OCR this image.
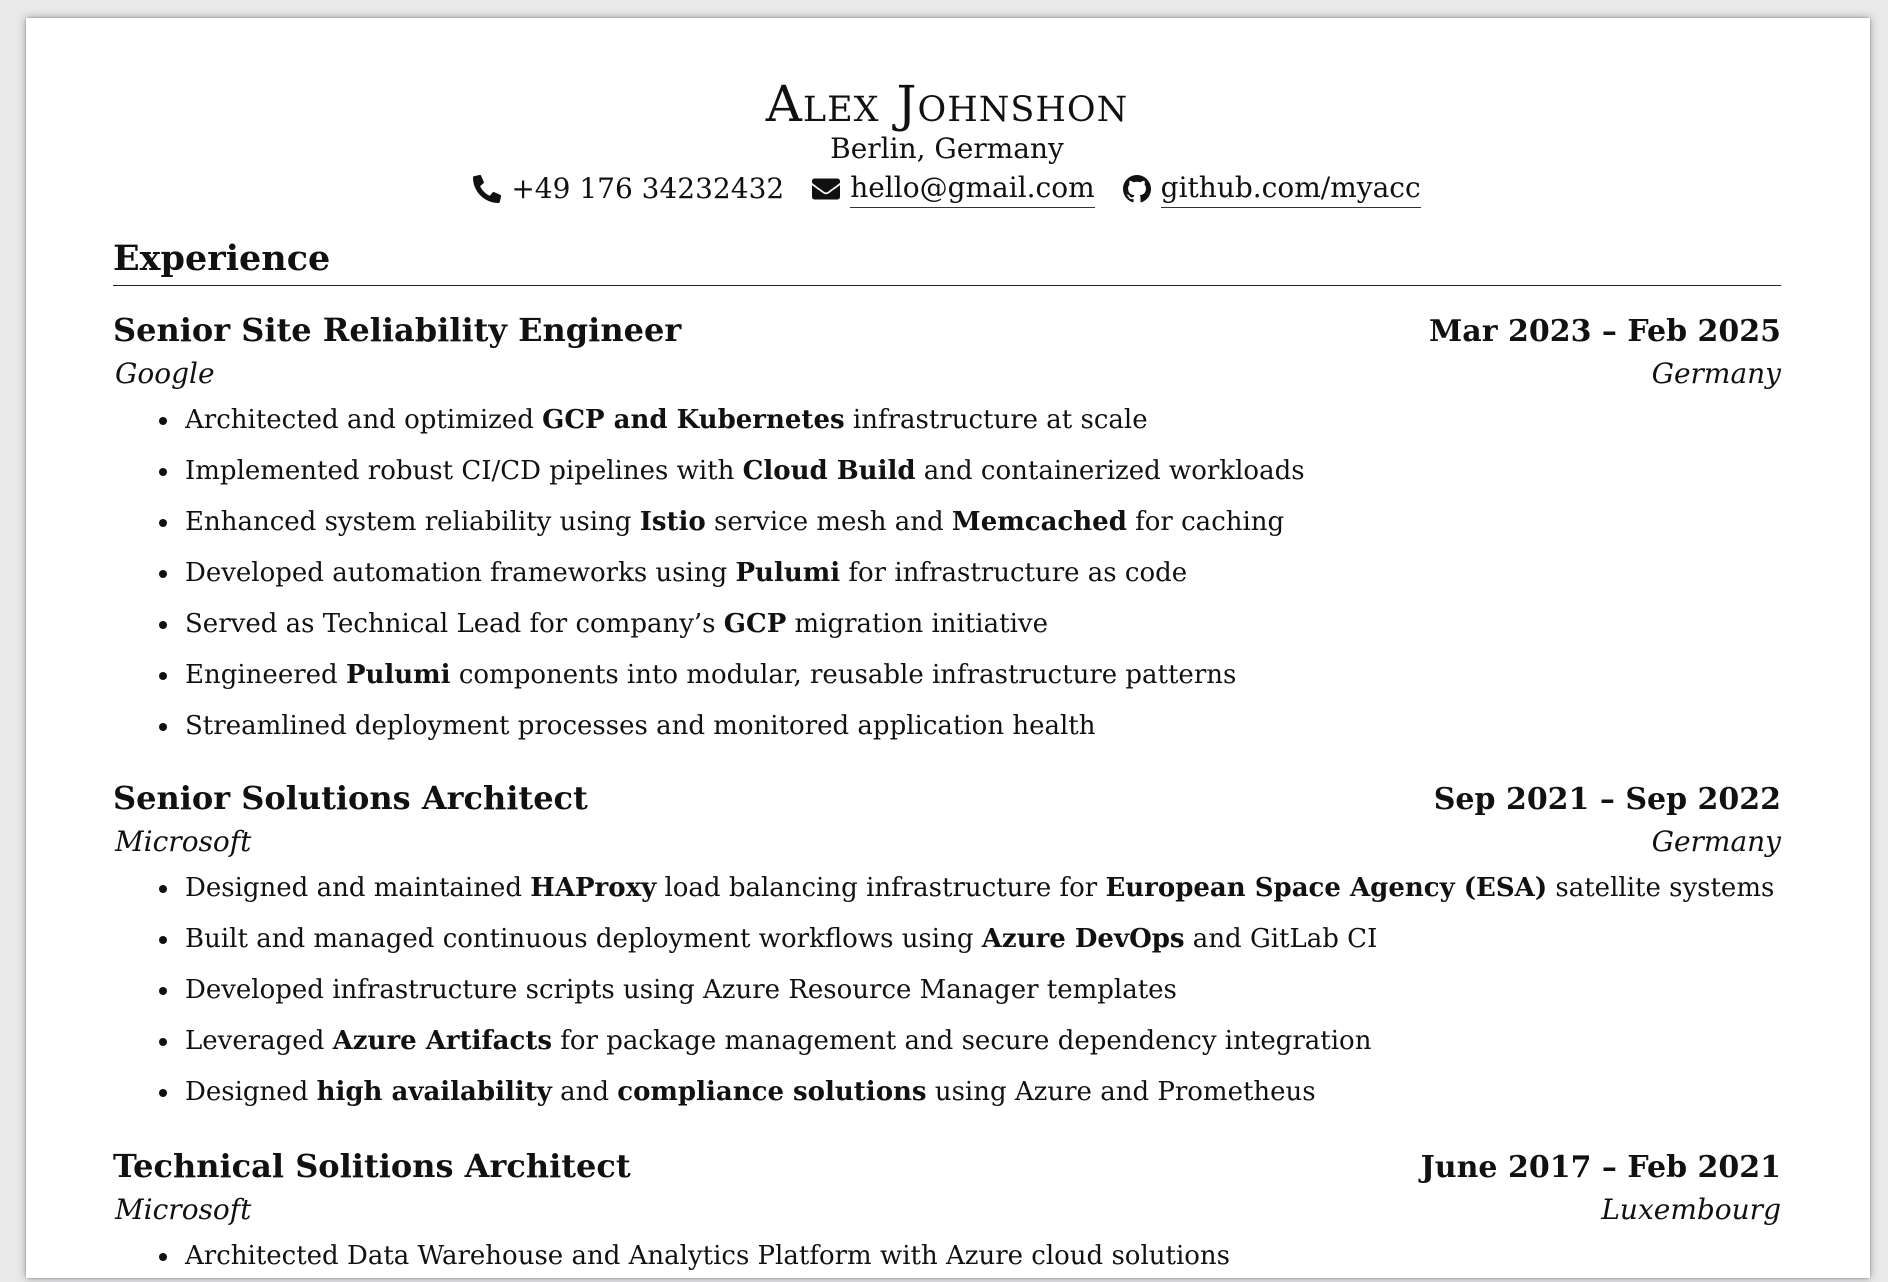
Alex Johnshon
Berlin, Germany
+49 176 34232432 hello@gmail.com github.com/myacc
Experience
Senior Site Reliability Engineer	Mar 2023 – Feb 2025
Google	Germany
Architected and optimized GCP and Kubernetes infrastructure at scale
Implemented robust CI/CD pipelines with Cloud Build and containerized workloads
Enhanced system reliability using Istio service mesh and Memcached for caching
Developed automation frameworks using Pulumi for infrastructure as code
Served as Technical Lead for company’s GCP migration initiative
Engineered Pulumi components into modular, reusable infrastructure patterns
Streamlined deployment processes and monitored application health
Senior Solutions Architect	Sep 2021 – Sep 2022
Microsoft	Germany
Designed and maintained HAProxy load balancing infrastructure for European Space Agency (ESA) satellite systems
Built and managed continuous deployment workflows using Azure DevOps and GitLab CI
Developed infrastructure scripts using Azure Resource Manager templates
Leveraged Azure Artifacts for package management and secure dependency integration
Designed high availability and compliance solutions using Azure and Prometheus
Technical Solitions Architect	June 2017 – Feb 2021
Microsoft	Luxembourg
Architected Data Warehouse and Analytics Platform with Azure cloud solutions
